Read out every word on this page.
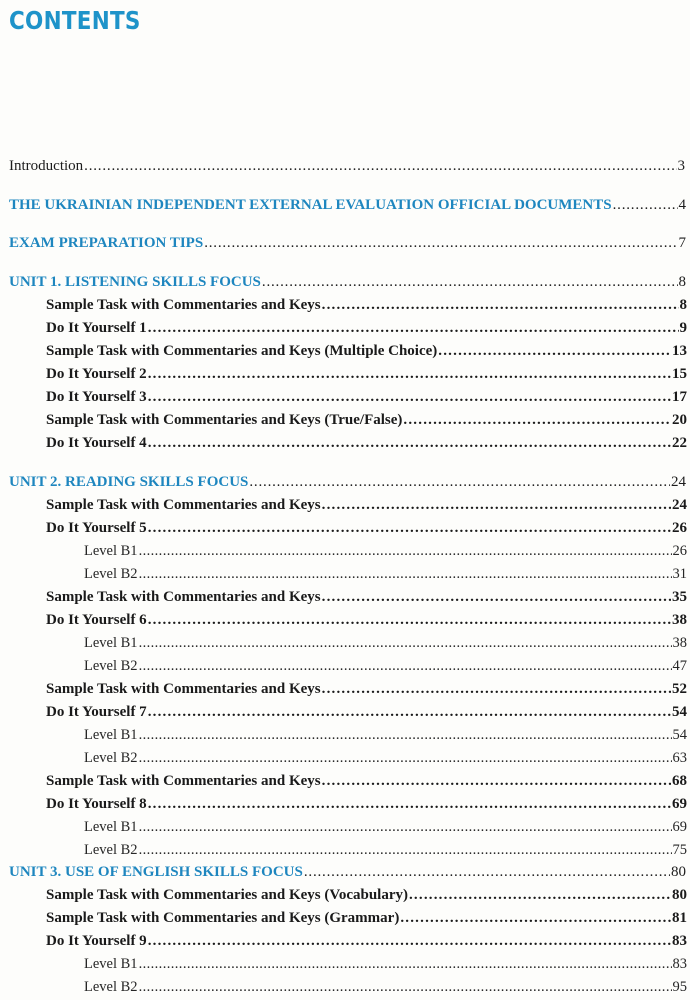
CONTENTS
Introduction .....	3
THE UKRAINIAN INDEPENDENT EXTERNAL EVALUATION OFFICIAL DOCUMENTS .....	4
EXAM PREPARATION TIPS .....	7
UNIT 1. LISTENING SKILLS FOCUS .....	8
Sample Task with Commentaries and Keys .....	8
Do It Yourself 1 .....	9
Sample Task with Commentaries and Keys (Multiple Choice) .....	13
Do It Yourself 2 .....	15
Do It Yourself 3 .....	17
Sample Task with Commentaries and Keys (True/False) .....	20
Do It Yourself 4 .....	22
UNIT 2. READING SKILLS FOCUS .....	24
Sample Task with Commentaries and Keys .....	24
Do It Yourself 5 .....	26
Level B1 .....	26
Level B2 .....	31
Sample Task with Commentaries and Keys .....	35
Do It Yourself 6 .....	38
Level B1 .....	38
Level B2 .....	47
Sample Task with Commentaries and Keys .....	52
Do It Yourself 7 .....	54
Level B1 .....	54
Level B2 .....	63
Sample Task with Commentaries and Keys .....	68
Do It Yourself 8 .....	69
Level B1 .....	69
Level B2 .....	75
UNIT 3. USE OF ENGLISH SKILLS FOCUS .....	80
Sample Task with Commentaries and Keys (Vocabulary) .....	80
Sample Task with Commentaries and Keys (Grammar) .....	81
Do It Yourself 9 .....	83
Level B1 .....	83
Level B2 .....	95
